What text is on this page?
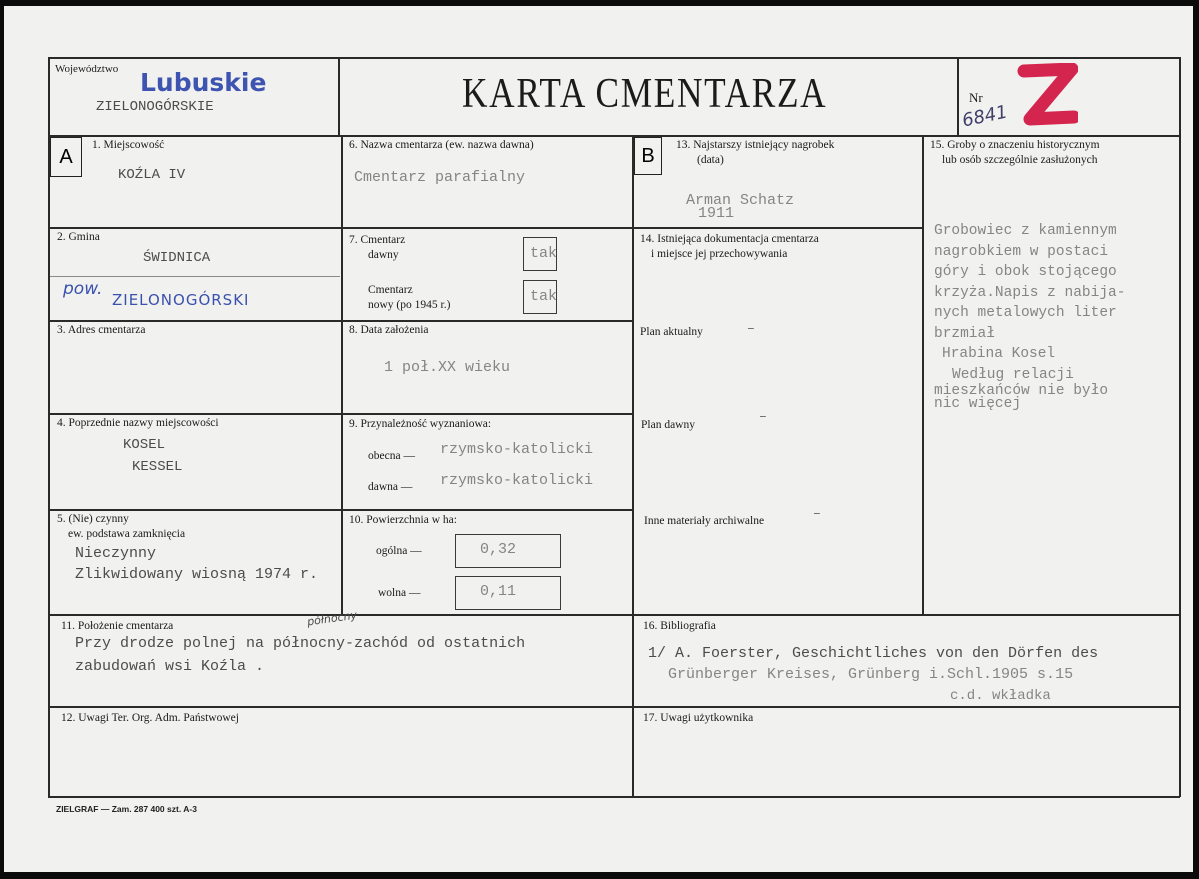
Województwo Lubuskie
ZIELONOGÓRSKIE	KARTA CMENTARZA	Nr
6841
A
1. Miejscowość
KOŹLA IV
2. Gmina
ŚWIDNICA
pow.
ZIELONOGÓRSKI
3. Adres cmentarza
4. Poprzednie nazwy miejscowości
KOSEL
KESSEL
5. (Nie) czynny
ew. podstawa zamknięcia
Nieczynny
Zlikwidowany wiosną 1974 r.
6. Nazwa cmentarza (ew. nazwa dawna)
Cmentarz parafialny
7. Cmentarz
dawny	tak
Cmentarz
nowy (po 1945 r.)	tak
8. Data założenia
1 poł.XX wieku
9. Przynależność wyznaniowa:
obecna — rzymsko-katolicki
dawna — rzymsko-katolicki
10. Powierzchnia w ha:
ogólna —	0,32
wolna —	0,11
B 13. Najstarszy istniejący nagrobek
(data)
Arman Schatz
1911
14. Istniejąca dokumentacja cmentarza
i miejsce jej przechowywania
Plan aktualny	–
Plan dawny
–
Inne materiały archiwalne
–
15. Groby o znaczeniu historycznym
lub osób szczególnie zasłużonych
Grobowiec z kamiennym
nagrobkiem w postaci
góry i obok stojącego
krzyża.Napis z nabija-
nych metalowych liter
brzmiał
Hrabina Kosel
Według relacji
mieszkańców nie było
nic więcej
11. Położenie cmentarza	północny
Przy drodze polnej na północny-zachód od ostatnich
zabudowań wsi Koźla .
16. Bibliografia
1/ A. Foerster, Geschichtliches von den Dörfen des
Grünberger Kreises, Grünberg i.Schl.1905 s.15
c.d. wkładka
12. Uwagi Ter. Org. Adm. Państwowej	17. Uwagi użytkownika
ZIELGRAF — Zam. 287 400 szt. A-3
